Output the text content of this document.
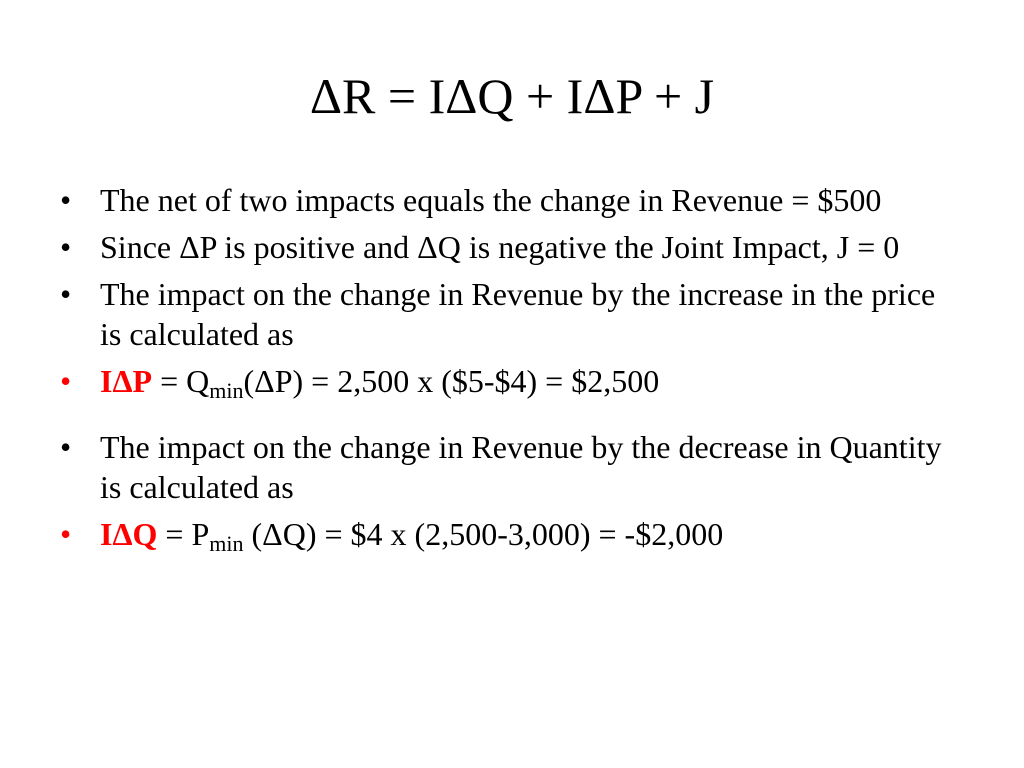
ΔR = IΔQ + IΔP + J
• The net of two impacts equals the change in Revenue = $500
• Since ΔP is positive and ΔQ is negative the Joint Impact, J = 0
• The impact on the change in Revenue by the increase in the price is calculated as
• $I\Delta P = Q_{min}(\Delta P) = 2,500$ x ($5-$4) = $2,500
• The impact on the change in Revenue by the decrease in Quantity is calculated as
• $I\Delta Q = P_{min}$ (ΔQ) = $4 x (2,500-3,000) = -$2,000
